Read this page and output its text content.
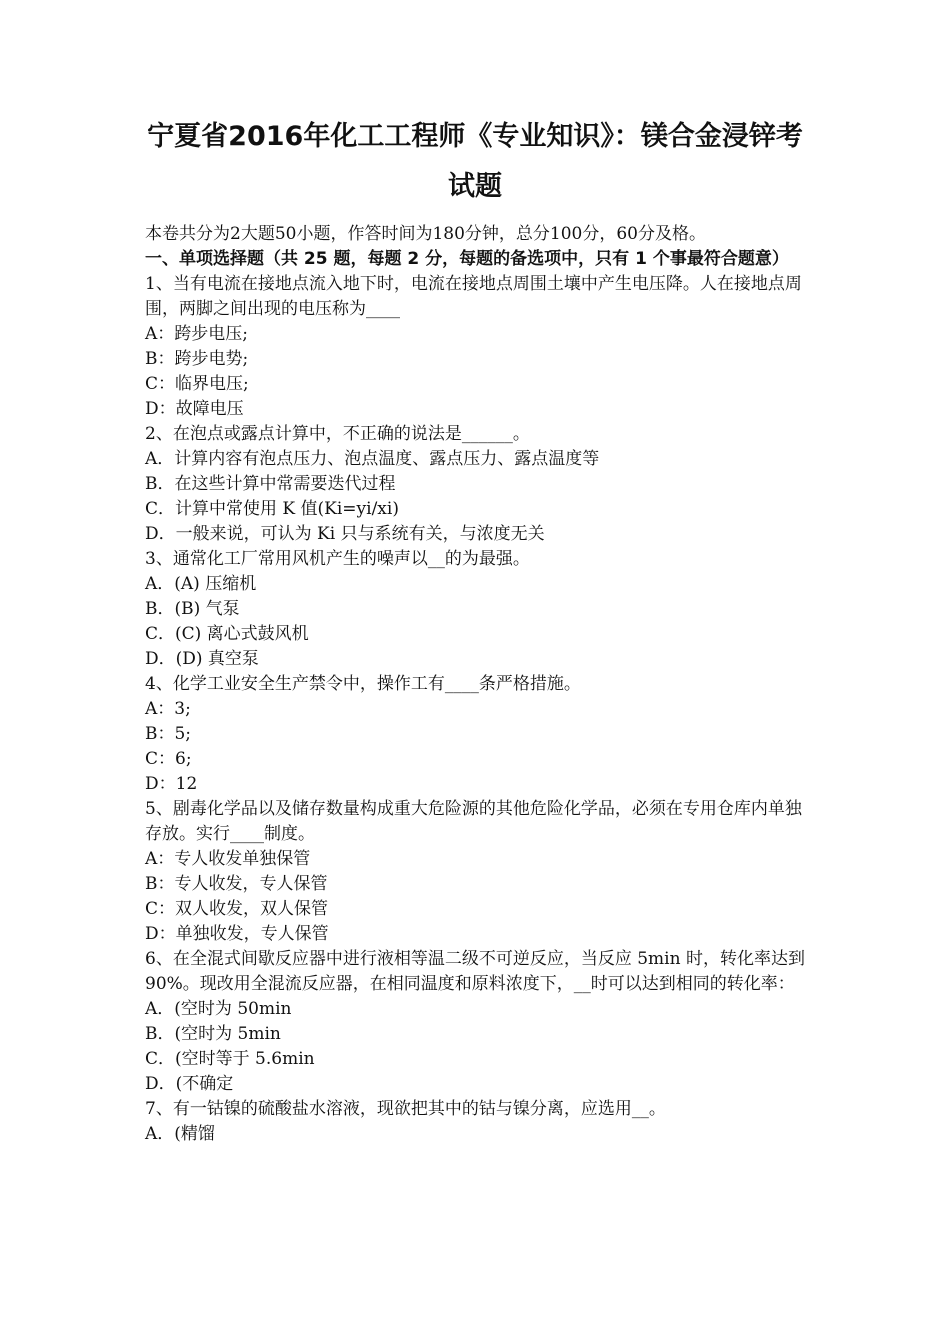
宁夏省2016年化工工程师《专业知识》：镁合金浸锌考试题

本卷共分为2大题50小题，作答时间为180分钟，总分100分，60分及格。

一、单项选择题（共 25 题，每题 2 分，每题的备选项中，只有 1 个事最符合题意）

1、当有电流在接地点流入地下时，电流在接地点周围土壤中产生电压降。人在接地点周围，两脚之间出现的电压称为____

A：跨步电压;
B：跨步电势;
C：临界电压;
D：故障电压

2、在泡点或露点计算中，不正确的说法是______。

A．计算内容有泡点压力、泡点温度、露点压力、露点温度等
B．在这些计算中常需要迭代过程
C．计算中常使用 K 值(Ki=yi/xi)
D．一般来说，可认为 Ki 只与系统有关，与浓度无关

3、通常化工厂常用风机产生的噪声以__的为最强。

A．(A) 压缩机
B．(B) 气泵
C．(C) 离心式鼓风机
D．(D) 真空泵

4、化学工业安全生产禁令中，操作工有____条严格措施。

A：3;
B：5;
C：6;
D：12

5、剧毒化学品以及储存数量构成重大危险源的其他危险化学品，必须在专用仓库内单独存放。实行____制度。

A：专人收发单独保管
B：专人收发，专人保管
C：双人收发，双人保管
D：单独收发，专人保管

6、在全混式间歇反应器中进行液相等温二级不可逆反应，当反应 5min 时，转化率达到 90%。现改用全混流反应器，在相同温度和原料浓度下，__时可以达到相同的转化率：

A．(空时为 50min
B．(空时为 5min
C．(空时等于 5.6min
D．(不确定

7、有一钴镍的硫酸盐水溶液，现欲把其中的钴与镍分离，应选用__。

A．(精馏
